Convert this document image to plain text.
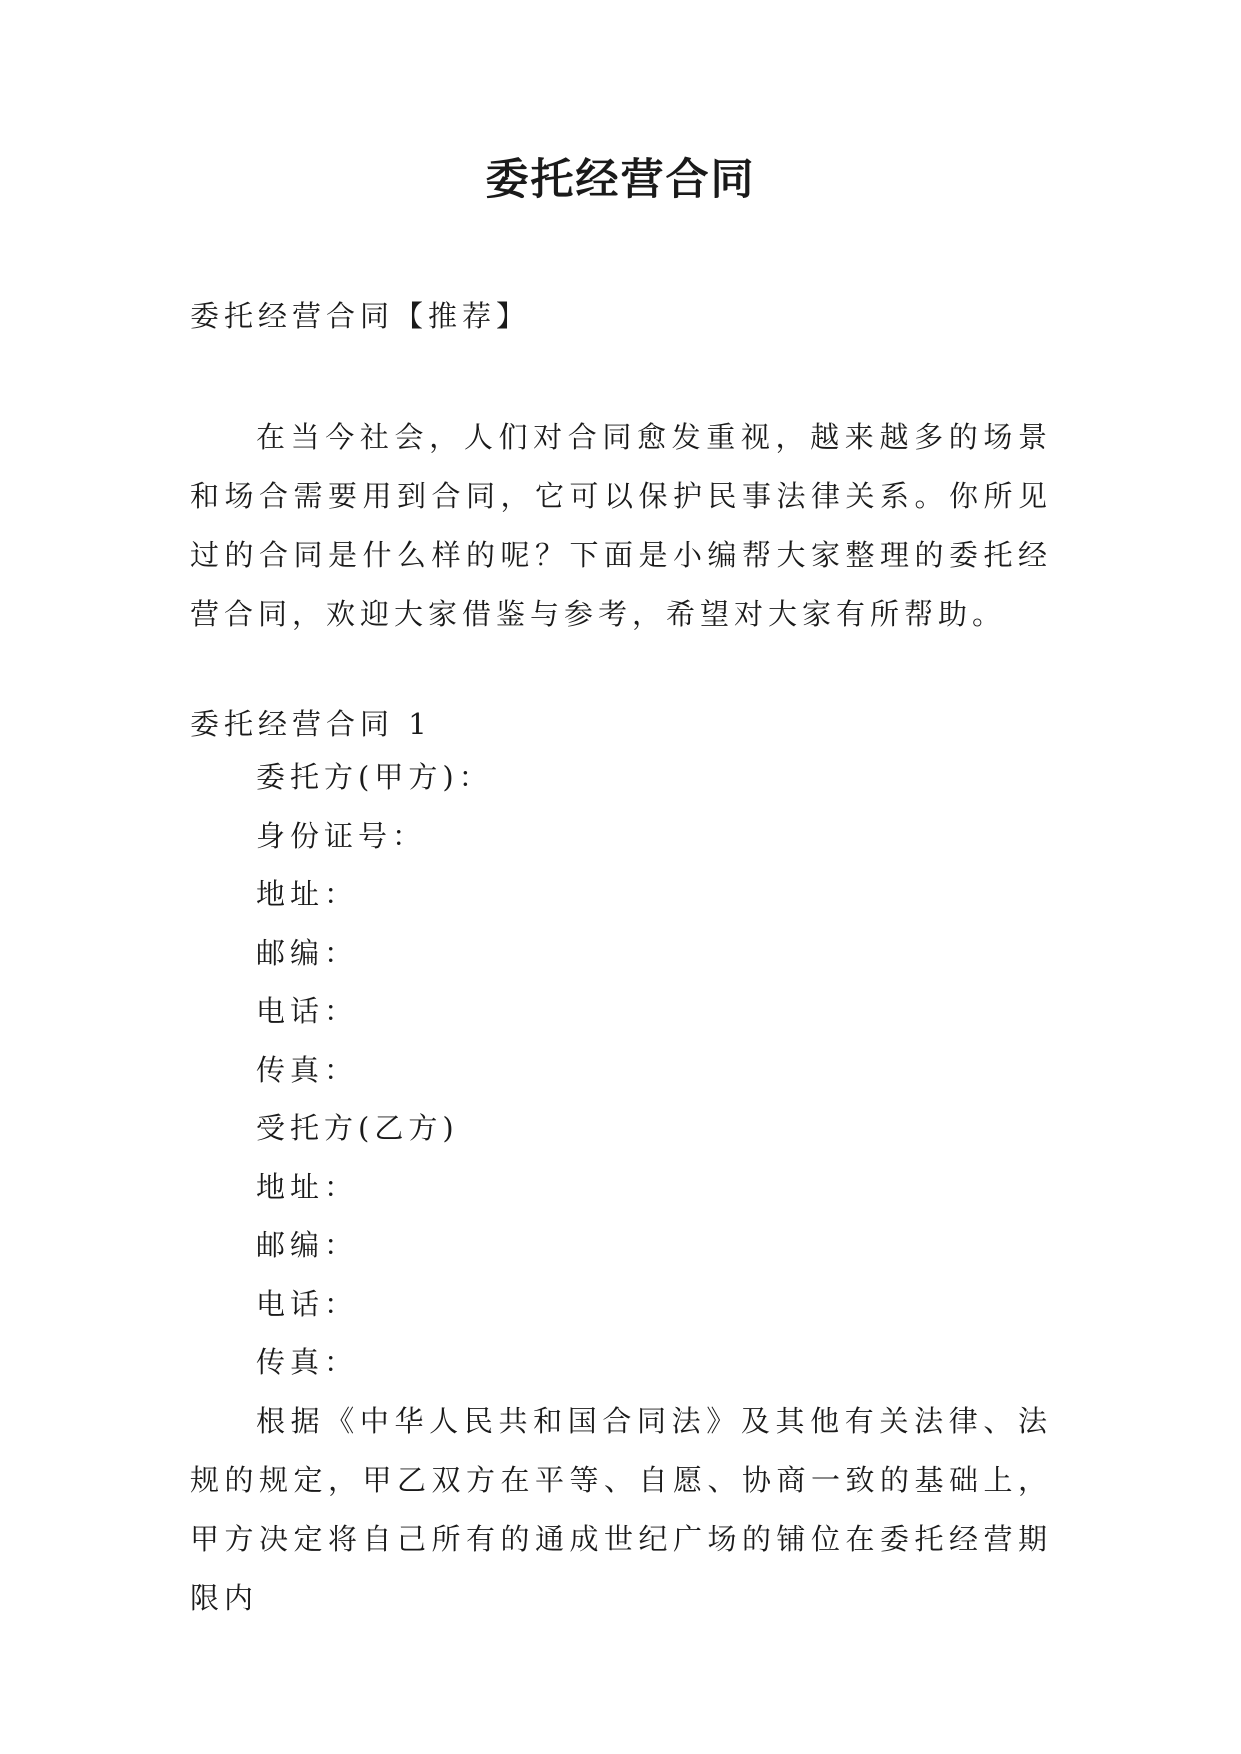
委托经营合同

委托经营合同【推荐】

在当今社会，人们对合同愈发重视，越来越多的场景和场合需要用到合同，它可以保护民事法律关系。你所见过的合同是什么样的呢？下面是小编帮大家整理的委托经营合同，欢迎大家借鉴与参考，希望对大家有所帮助。

委托经营合同 1

委托方(甲方)：
身份证号：
地址：
邮编：
电话：
传真：
受托方(乙方)
地址：
邮编：
电话：
传真：

根据《中华人民共和国合同法》及其他有关法律、法规的规定，甲乙双方在平等、自愿、协商一致的基础上，甲方决定将自己所有的通成世纪广场的铺位在委托经营期限内
